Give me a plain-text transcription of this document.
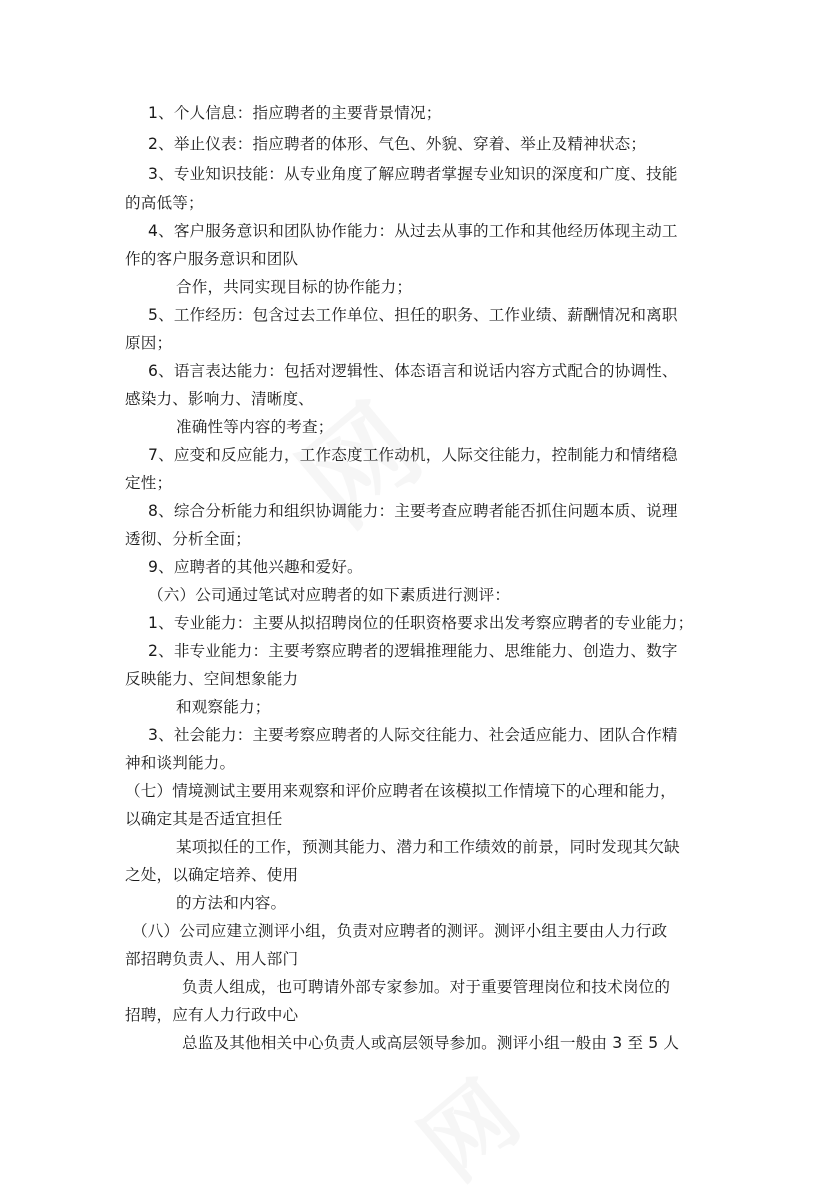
1、个人信息：指应聘者的主要背景情况；
2、举止仪表：指应聘者的体形、气色、外貌、穿着、举止及精神状态；
3、专业知识技能：从专业角度了解应聘者掌握专业知识的深度和广度、技能
的高低等；
4、客户服务意识和团队协作能力：从过去从事的工作和其他经历体现主动工
作的客户服务意识和团队
合作，共同实现目标的协作能力；
5、工作经历：包含过去工作单位、担任的职务、工作业绩、薪酬情况和离职
原因；
6、语言表达能力：包括对逻辑性、体态语言和说话内容方式配合的协调性、
感染力、影响力、清晰度、
准确性等内容的考查；
7、应变和反应能力，工作态度工作动机，人际交往能力，控制能力和情绪稳
定性；
8、综合分析能力和组织协调能力：主要考查应聘者能否抓住问题本质、说理
透彻、分析全面；
9、应聘者的其他兴趣和爱好。
（六）公司通过笔试对应聘者的如下素质进行测评：
1、专业能力：主要从拟招聘岗位的任职资格要求出发考察应聘者的专业能力；
2、非专业能力：主要考察应聘者的逻辑推理能力、思维能力、创造力、数字
反映能力、空间想象能力
和观察能力；
3、社会能力：主要考察应聘者的人际交往能力、社会适应能力、团队合作精
神和谈判能力。
（七）情境测试主要用来观察和评价应聘者在该模拟工作情境下的心理和能力，
以确定其是否适宜担任
某项拟任的工作，预测其能力、潜力和工作绩效的前景，同时发现其欠缺
之处，以确定培养、使用
的方法和内容。
（八）公司应建立测评小组，负责对应聘者的测评。测评小组主要由人力行政
部招聘负责人、用人部门
负责人组成，也可聘请外部专家参加。对于重要管理岗位和技术岗位的
招聘，应有人力行政中心
总监及其他相关中心负责人或高层领导参加。测评小组一般由 3 至 5 人
